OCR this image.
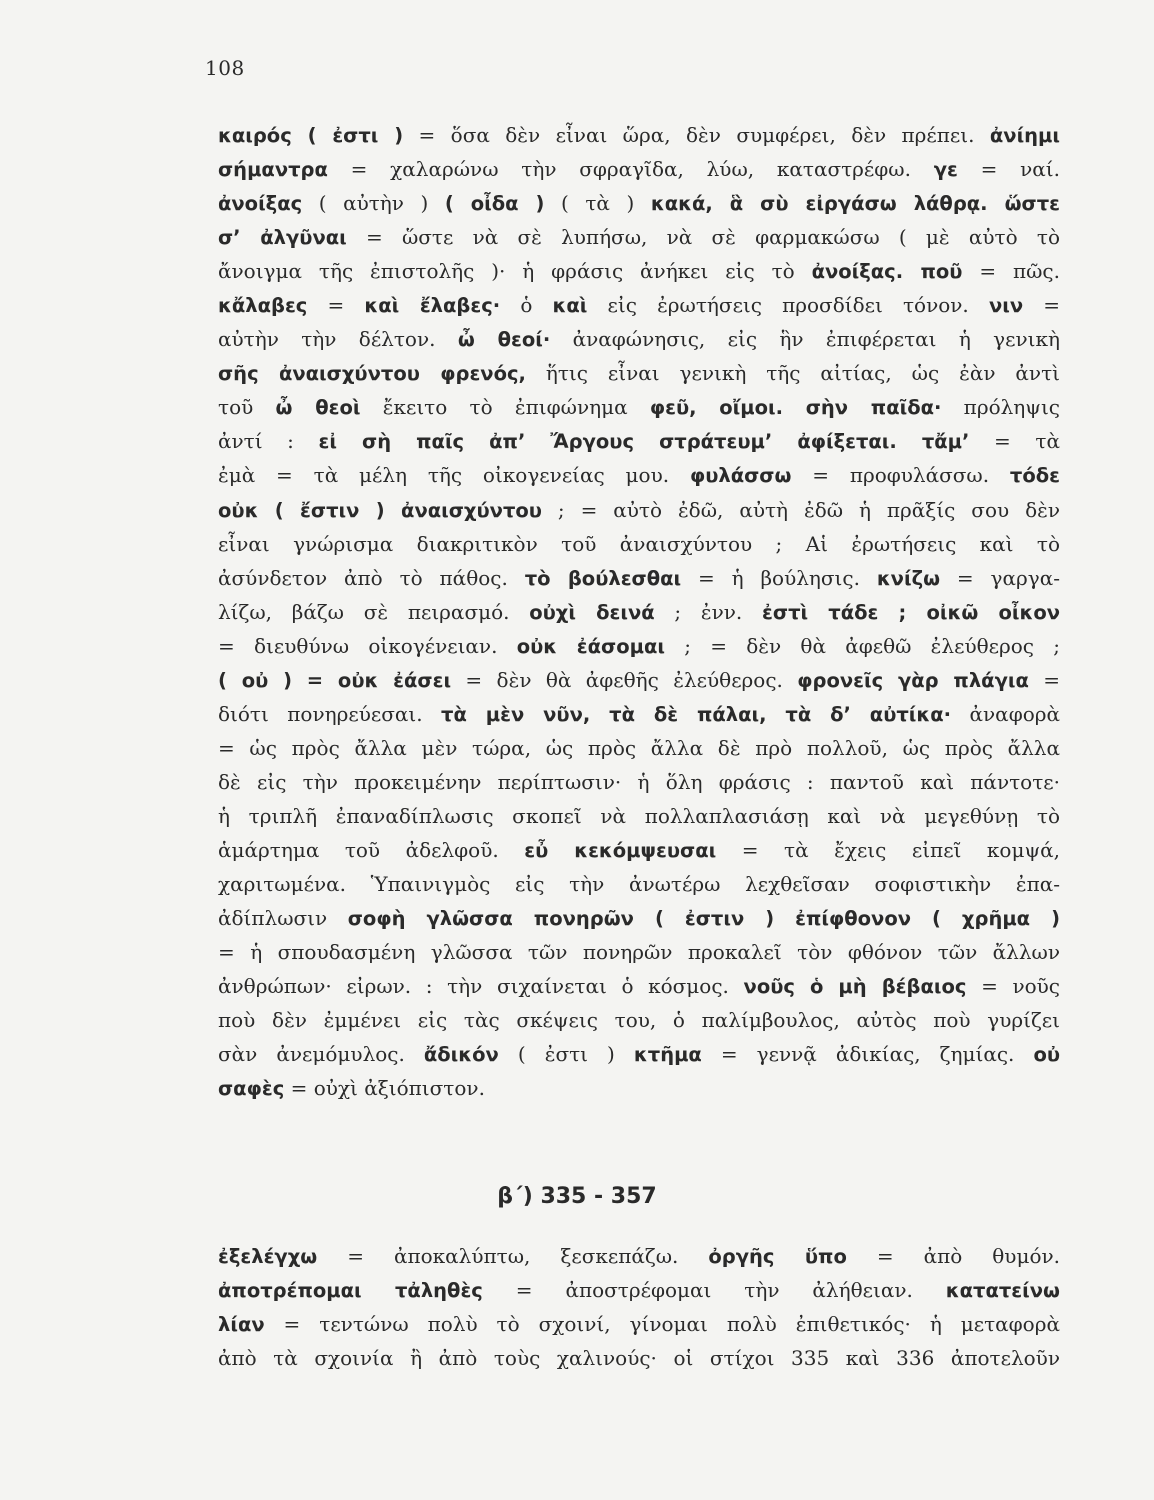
108
καιρός ( ἐστι ) = ὅσα δὲν εἶναι ὥρα, δὲν συμφέρει, δὲν πρέπει. ἀνίημι
σήμαντρα = χαλαρώνω τὴν σφραγῖδα, λύω, καταστρέφω. γε = ναί.
ἀνοίξας ( αὐτὴν ) ( οἶδα ) ( τὰ ) κακά, ἃ σὺ εἰργάσω λάθρᾳ. ὥστε
σ’ ἀλγῦναι = ὥστε νὰ σὲ λυπήσω, νὰ σὲ φαρμακώσω ( μὲ αὐτὸ τὸ
ἄνοιγμα τῆς ἐπιστολῆς )· ἡ φράσις ἀνήκει εἰς τὸ ἀνοίξας. ποῦ = πῶς.
κἄλαβες = καὶ ἔλαβες· ὁ καὶ εἰς ἐρωτήσεις προσδίδει τόνον. νιν =
αὐτὴν τὴν δέλτον. ὦ θεοί· ἀναφώνησις, εἰς ἣν ἐπιφέρεται ἡ γενικὴ
σῆς ἀναισχύντου φρενός, ἥτις εἶναι γενικὴ τῆς αἰτίας, ὡς ἐὰν ἀντὶ
τοῦ ὦ θεοὶ ἔκειτο τὸ ἐπιφώνημα φεῦ, οἴμοι. σὴν παῖδα· πρόληψις
ἀντί : εἰ σὴ παῖς ἀπ’ Ἄργους στράτευμ’ ἀφίξεται. τἄμ’ = τὰ
ἐμὰ = τὰ μέλη τῆς οἰκογενείας μου. φυλάσσω = προφυλάσσω. τόδε
οὐκ ( ἔστιν ) ἀναισχύντου ; = αὐτὸ ἐδῶ, αὐτὴ ἐδῶ ἡ πρᾶξίς σου δὲν
εἶναι γνώρισμα διακριτικὸν τοῦ ἀναισχύντου ; Αἱ ἐρωτήσεις καὶ τὸ
ἀσύνδετον ἀπὸ τὸ πάθος. τὸ βούλεσθαι = ἡ βούλησις. κνίζω = γαργα-
λίζω, βάζω σὲ πειρασμό. οὐχὶ δεινά ; ἐνν. ἐστὶ τάδε ; οἰκῶ οἶκον
= διευθύνω οἰκογένειαν. οὐκ ἐάσομαι ; = δὲν θὰ ἀφεθῶ ἐλεύθερος ;
( οὐ ) = οὐκ ἐάσει = δὲν θὰ ἀφεθῆς ἐλεύθερος. φρονεῖς γὰρ πλάγια =
διότι πονηρεύεσαι. τὰ μὲν νῦν, τὰ δὲ πάλαι, τὰ δ’ αὐτίκα· ἀναφορὰ
= ὡς πρὸς ἄλλα μὲν τώρα, ὡς πρὸς ἄλλα δὲ πρὸ πολλοῦ, ὡς πρὸς ἄλλα
δὲ εἰς τὴν προκειμένην περίπτωσιν· ἡ ὅλη φράσις : παντοῦ καὶ πάντοτε·
ἡ τριπλῆ ἐπαναδίπλωσις σκοπεῖ νὰ πολλαπλασιάσῃ καὶ νὰ μεγεθύνῃ τὸ
ἁμάρτημα τοῦ ἀδελφοῦ. εὖ κεκόμψευσαι = τὰ ἔχεις εἰπεῖ κομψά,
χαριτωμένα. Ὑπαινιγμὸς εἰς τὴν ἀνωτέρω λεχθεῖσαν σοφιστικὴν ἐπα-
ἀδίπλωσιν σοφὴ γλῶσσα πονηρῶν ( ἐστιν ) ἐπίφθονον ( χρῆμα )
= ἡ σπουδασμένη γλῶσσα τῶν πονηρῶν προκαλεῖ τὸν φθόνον τῶν ἄλλων
ἀνθρώπων· εἰρων. : τὴν σιχαίνεται ὁ κόσμος. νοῦς ὁ μὴ βέβαιος = νοῦς
ποὺ δὲν ἐμμένει εἰς τὰς σκέψεις του, ὁ παλίμβουλος, αὐτὸς ποὺ γυρίζει
σὰν ἀνεμόμυλος. ἄδικόν ( ἐστι ) κτῆμα = γεννᾷ ἀδικίας, ζημίας. οὐ
σαφὲς = οὐχὶ ἀξιόπιστον.
β΄) 335 - 357
ἐξελέγχω = ἀποκαλύπτω, ξεσκεπάζω. ὀργῆς ὕπο = ἀπὸ θυμόν.
ἀποτρέπομαι τἀληθὲς = ἀποστρέφομαι τὴν ἀλήθειαν. κατατείνω
λίαν = τεντώνω πολὺ τὸ σχοινί, γίνομαι πολὺ ἐπιθετικός· ἡ μεταφορὰ
ἀπὸ τὰ σχοινία ἢ ἀπὸ τοὺς χαλινούς· οἱ στίχοι 335 καὶ 336 ἀποτελοῦν
